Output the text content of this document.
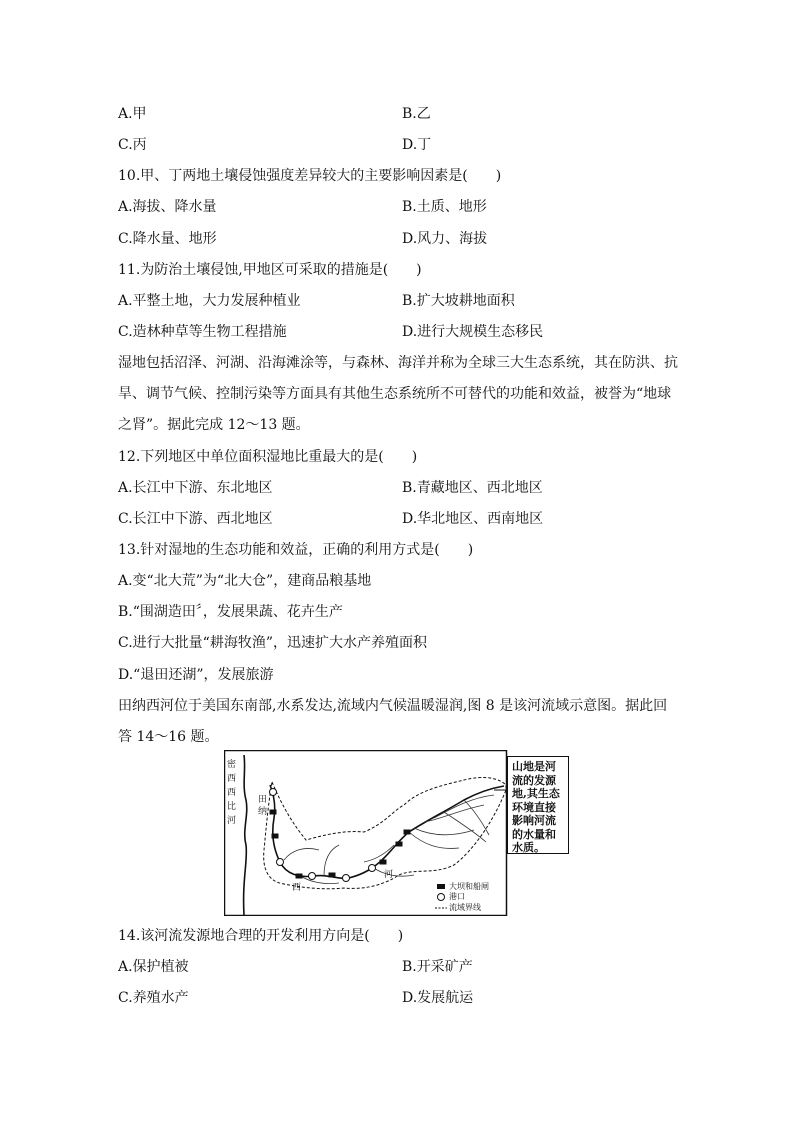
A.甲	B.乙
C.丙	D.丁
10.甲、丁两地土壤侵蚀强度差异较大的主要影响因素是(　　)
A.海拔、降水量	B.土质、地形
C.降水量、地形	D.风力、海拔
11.为防治土壤侵蚀,甲地区可采取的措施是(　　)
A.平整土地，大力发展种植业	B.扩大坡耕地面积
C.造林种草等生物工程措施	D.进行大规模生态移民
湿地包括沼泽、河湖、沿海滩涂等，与森林、海洋并称为全球三大生态系统，其在防洪、抗
旱、调节气候、控制污染等方面具有其他生态系统所不可替代的功能和效益，被誉为“地球
之肾”。据此完成 12～13 题。
12.下列地区中单位面积湿地比重最大的是(　　)
A.长江中下游、东北地区	B.青藏地区、西北地区
C.长江中下游、西北地区	D.华北地区、西南地区
13.针对湿地的生态功能和效益，正确的利用方式是(　　)
A.变“北大荒”为“北大仓”，建商品粮基地
B.“围湖造田〞，发展果蔬、花卉生产
C.进行大批量“耕海牧渔”，迅速扩大水产养殖面积
D.“退田还湖”，发展旅游
田纳西河位于美国东南部,水系发达,流域内气候温暖湿润,图 8 是该河流域示意图。据此回
答 14～16 题。
密西西比河
田纳
西
河
山地是河流的发源地,其生态环境直接影响河流的水量和水质。
大坝和船闸
港口
流域界线
14.该河流发源地合理的开发利用方向是(　　)
A.保护植被	B.开采矿产
C.养殖水产	D.发展航运
